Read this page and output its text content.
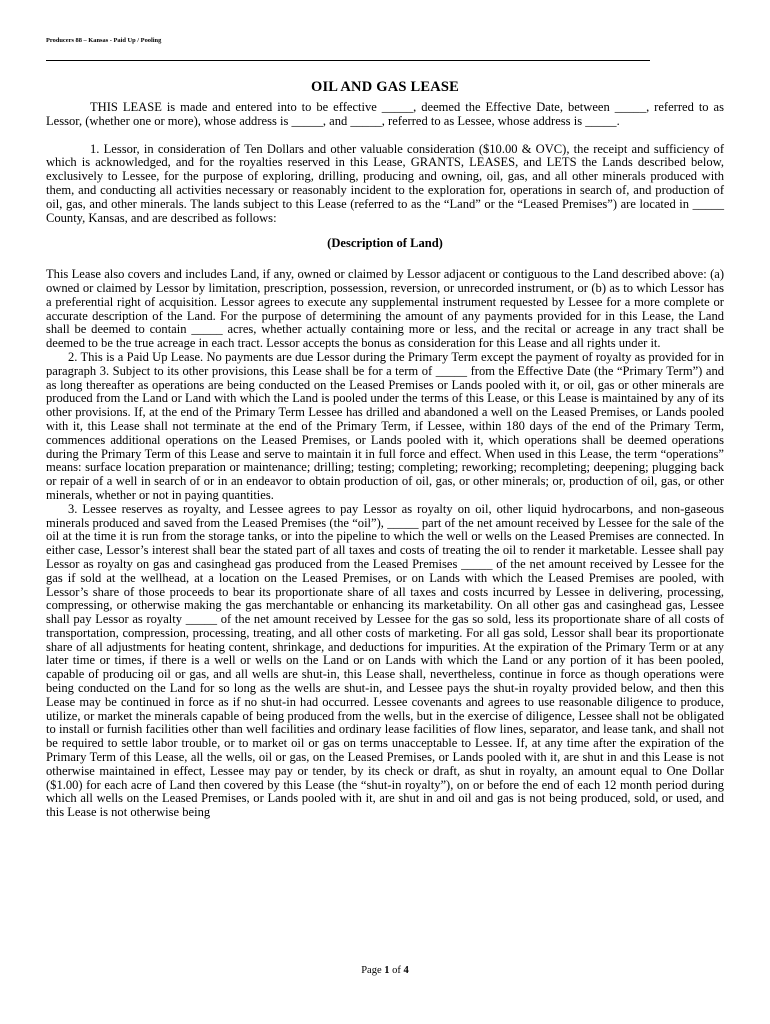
Producers 88 – Kansas - Paid Up / Pooling
OIL AND GAS LEASE

THIS LEASE is made and entered into to be effective _____, deemed the Effective Date, between _____, referred to as Lessor, (whether one or more), whose address is _____, and _____, referred to as Lessee, whose address is _____.

1. Lessor, in consideration of Ten Dollars and other valuable consideration ($10.00 & OVC), the receipt and sufficiency of which is acknowledged, and for the royalties reserved in this Lease, GRANTS, LEASES, and LETS the Lands described below, exclusively to Lessee, for the purpose of exploring, drilling, producing and owning, oil, gas, and all other minerals produced with them, and conducting all activities necessary or reasonably incident to the exploration for, operations in search of, and production of oil, gas, and other minerals. The lands subject to this Lease (referred to as the “Land” or the “Leased Premises”) are located in _____ County, Kansas, and are described as follows:

(Description of Land)

This Lease also covers and includes Land, if any, owned or claimed by Lessor adjacent or contiguous to the Land described above: (a) owned or claimed by Lessor by limitation, prescription, possession, reversion, or unrecorded instrument, or (b) as to which Lessor has a preferential right of acquisition. Lessor agrees to execute any supplemental instrument requested by Lessee for a more complete or accurate description of the Land. For the purpose of determining the amount of any payments provided for in this Lease, the Land shall be deemed to contain _____ acres, whether actually containing more or less, and the recital or acreage in any tract shall be deemed to be the true acreage in each tract. Lessor accepts the bonus as consideration for this Lease and all rights under it.

2. This is a Paid Up Lease. No payments are due Lessor during the Primary Term except the payment of royalty as provided for in paragraph 3. Subject to its other provisions, this Lease shall be for a term of _____ from the Effective Date (the “Primary Term”) and as long thereafter as operations are being conducted on the Leased Premises or Lands pooled with it, or oil, gas or other minerals are produced from the Land or Land with which the Land is pooled under the terms of this Lease, or this Lease is maintained by any of its other provisions. If, at the end of the Primary Term Lessee has drilled and abandoned a well on the Leased Premises, or Lands pooled with it, this Lease shall not terminate at the end of the Primary Term, if Lessee, within 180 days of the end of the Primary Term, commences additional operations on the Leased Premises, or Lands pooled with it, which operations shall be deemed operations during the Primary Term of this Lease and serve to maintain it in full force and effect. When used in this Lease, the term “operations” means: surface location preparation or maintenance; drilling; testing; completing; reworking; recompleting; deepening; plugging back or repair of a well in search of or in an endeavor to obtain production of oil, gas, or other minerals; or, production of oil, gas, or other minerals, whether or not in paying quantities.

3. Lessee reserves as royalty, and Lessee agrees to pay Lessor as royalty on oil, other liquid hydrocarbons, and non-gaseous minerals produced and saved from the Leased Premises (the “oil”), _____ part of the net amount received by Lessee for the sale of the oil at the time it is run from the storage tanks, or into the pipeline to which the well or wells on the Leased Premises are connected. In either case, Lessor’s interest shall bear the stated part of all taxes and costs of treating the oil to render it marketable. Lessee shall pay Lessor as royalty on gas and casinghead gas produced from the Leased Premises _____ of the net amount received by Lessee for the gas if sold at the wellhead, at a location on the Leased Premises, or on Lands with which the Leased Premises are pooled, with Lessor’s share of those proceeds to bear its proportionate share of all taxes and costs incurred by Lessee in delivering, processing, compressing, or otherwise making the gas merchantable or enhancing its marketability. On all other gas and casinghead gas, Lessee shall pay Lessor as royalty _____ of the net amount received by Lessee for the gas so sold, less its proportionate share of all costs of transportation, compression, processing, treating, and all other costs of marketing. For all gas sold, Lessor shall bear its proportionate share of all adjustments for heating content, shrinkage, and deductions for impurities. At the expiration of the Primary Term or at any later time or times, if there is a well or wells on the Land or on Lands with which the Land or any portion of it has been pooled, capable of producing oil or gas, and all wells are shut-in, this Lease shall, nevertheless, continue in force as though operations were being conducted on the Land for so long as the wells are shut-in, and Lessee pays the shut-in royalty provided below, and then this Lease may be continued in force as if no shut-in had occurred. Lessee covenants and agrees to use reasonable diligence to produce, utilize, or market the minerals capable of being produced from the wells, but in the exercise of diligence, Lessee shall not be obligated to install or furnish facilities other than well facilities and ordinary lease facilities of flow lines, separator, and lease tank, and shall not be required to settle labor trouble, or to market oil or gas on terms unacceptable to Lessee. If, at any time after the expiration of the Primary Term of this Lease, all the wells, oil or gas, on the Leased Premises, or Lands pooled with it, are shut in and this Lease is not otherwise maintained in effect, Lessee may pay or tender, by its check or draft, as shut in royalty, an amount equal to One Dollar ($1.00) for each acre of Land then covered by this Lease (the “shut-in royalty”), on or before the end of each 12 month period during which all wells on the Leased Premises, or Lands pooled with it, are shut in and oil and gas is not being produced, sold, or used, and this Lease is not otherwise being

Page 1 of 4
